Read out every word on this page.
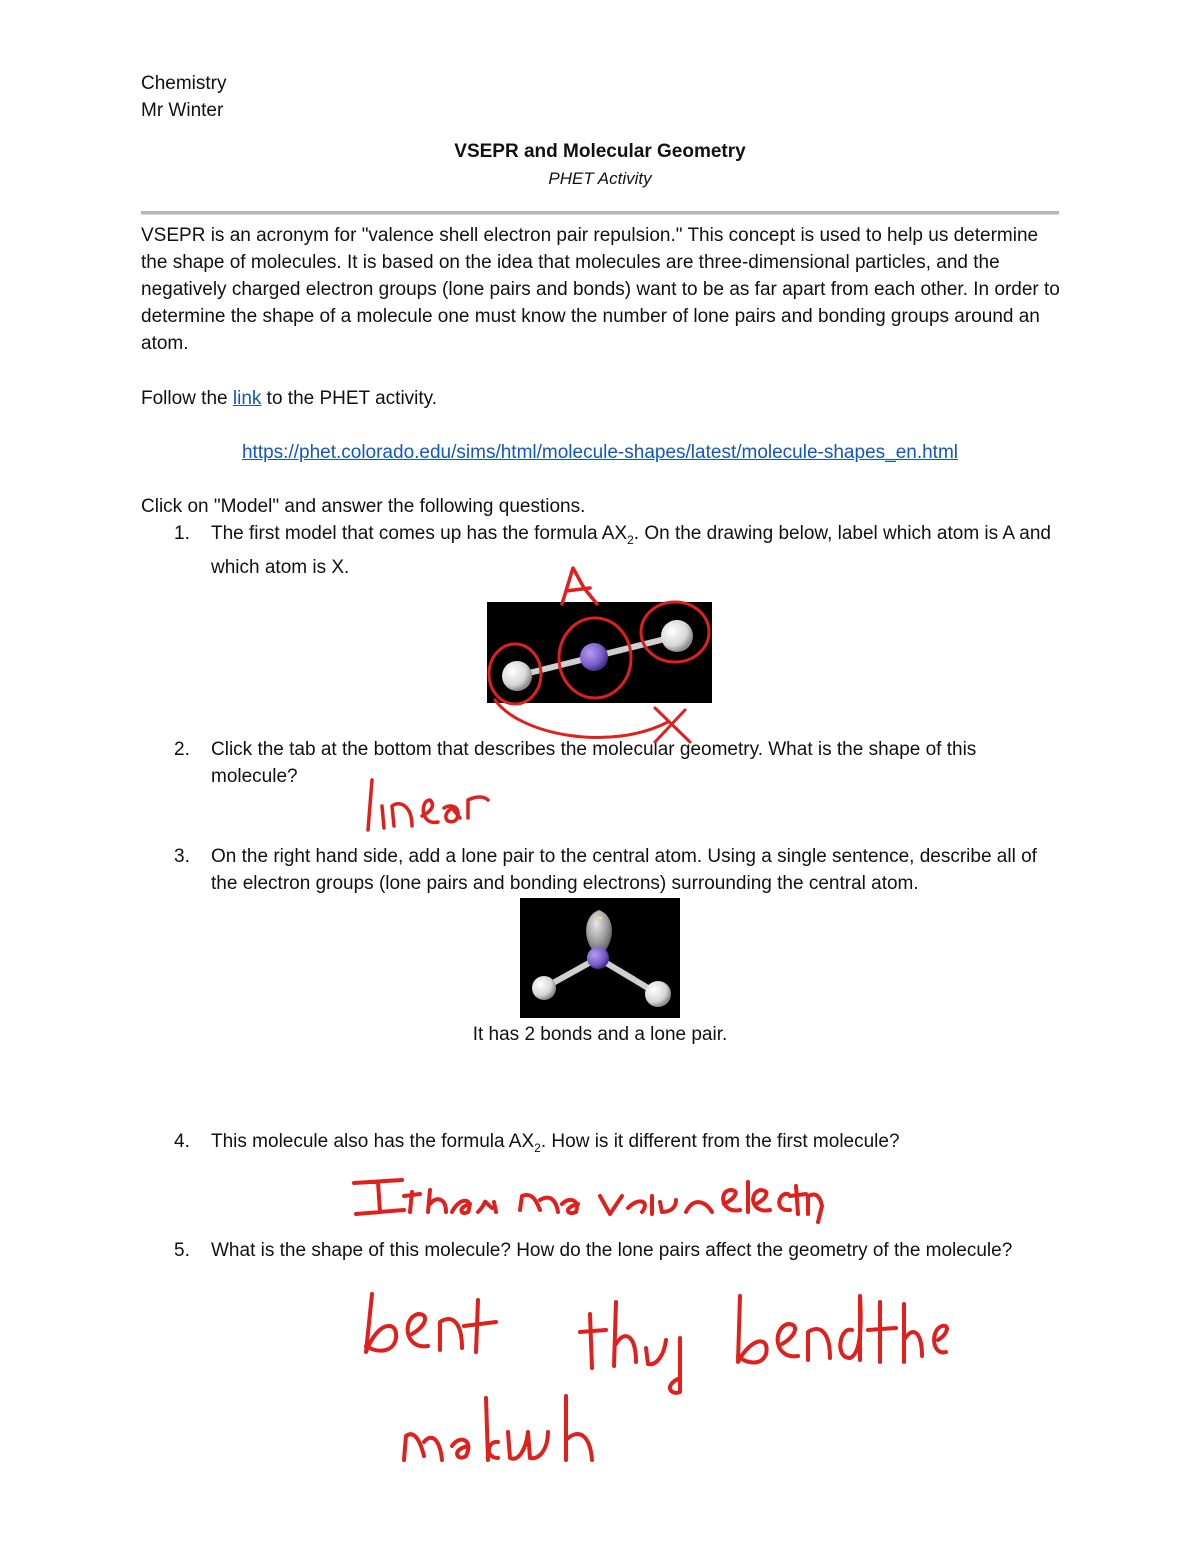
Chemistry
Mr Winter
VSEPR and Molecular Geometry
PHET Activity

VSEPR is an acronym for "valence shell electron pair repulsion." This concept is used to help us determine the shape of molecules. It is based on the idea that molecules are three-dimensional particles, and the negatively charged electron groups (lone pairs and bonds) want to be as far apart from each other. In order to determine the shape of a molecule one must know the number of lone pairs and bonding groups around an atom.

Follow the link to the PHET activity.
https://phet.colorado.edu/sims/html/molecule-shapes/latest/molecule-shapes_en.html
Click on "Model" and answer the following questions.
1. The first model that comes up has the formula $AX_2$. On the drawing below, label which atom is A and which atom is X.
2. Click the tab at the bottom that describes the molecular geometry. What is the shape of this molecule?
3. On the right hand side, add a lone pair to the central atom. Using a single sentence, describe all of the electron groups (lone pairs and bonding electrons) surrounding the central atom.
It has 2 bonds and a lone pair.
4. This molecule also has the formula $AX_2$. How is it different from the first molecule?
5. What is the shape of this molecule? How do the lone pairs affect the geometry of the molecule?
